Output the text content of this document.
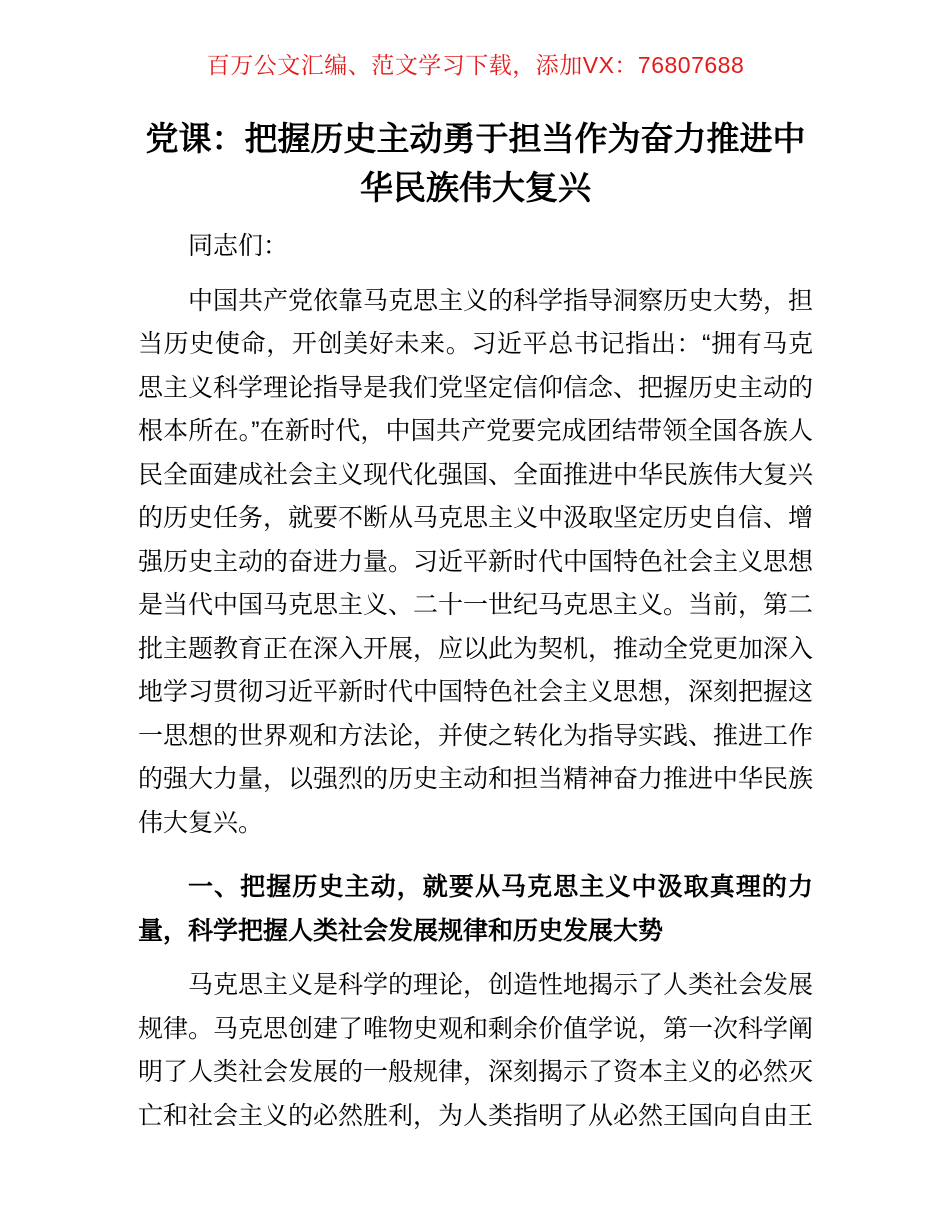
百万公文汇编、范文学习下载，添加VX：76807688
党课：把握历史主动勇于担当作为奋力推进中华民族伟大复兴

同志们：

中国共产党依靠马克思主义的科学指导洞察历史大势，担当历史使命，开创美好未来。习近平总书记指出：“拥有马克思主义科学理论指导是我们党坚定信仰信念、把握历史主动的根本所在。”在新时代，中国共产党要完成团结带领全国各族人民全面建成社会主义现代化强国、全面推进中华民族伟大复兴的历史任务，就要不断从马克思主义中汲取坚定历史自信、增强历史主动的奋进力量。习近平新时代中国特色社会主义思想是当代中国马克思主义、二十一世纪马克思主义。当前，第二批主题教育正在深入开展，应以此为契机，推动全党更加深入地学习贯彻习近平新时代中国特色社会主义思想，深刻把握这一思想的世界观和方法论，并使之转化为指导实践、推进工作的强大力量，以强烈的历史主动和担当精神奋力推进中华民族伟大复兴。

一、把握历史主动，就要从马克思主义中汲取真理的力量，科学把握人类社会发展规律和历史发展大势

马克思主义是科学的理论，创造性地揭示了人类社会发展规律。马克思创建了唯物史观和剩余价值学说，第一次科学阐明了人类社会发展的一般规律，深刻揭示了资本主义的必然灭亡和社会主义的必然胜利，为人类指明了从必然王国向自由王
